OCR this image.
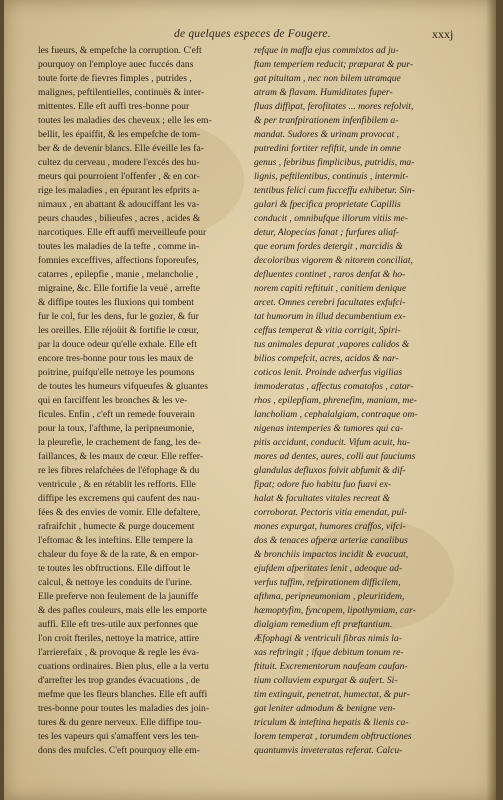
de quelques especes de Fougere.	xxxj
les fueurs, & empefche la corruption. C'eft
pourquoy on l'employe auec fuccés dans
toute forte de fievres fimples , putrides ,
malignes, peftilentielles, continuës & inter-
mittentes. Elle eft auffi tres-bonne pour
toutes les maladies des cheveux ; elle les em-
bellit, les épaiffit, & les empefche de tom-
ber & de devenir blancs. Elle éveille les fa-
cultez du cerveau , modere l'excés des hu-
meurs qui pourroient l'offenfer , & en cor-
rige les maladies , en épurant les efprits a-
nimaux , en abattant & adouciffant les va-
peurs chaudes , bilieufes , acres , acides &
narcotiques. Elle eft auffi merveilleufe pour
toutes les maladies de la tefte , comme in-
fomnies exceffives, affections foporeufes,
catarres , epilepfie , manie , melancholie ,
migraine, &c. Elle fortifie la veuë , arrefte
& diffipe toutes les fluxions qui tombent
fur le col, fur les dens, fur le gozier, & fur
les oreilles. Elle réjoüit & fortifie le cœur,
par la douce odeur qu'elle exhale. Elle eft
encore tres-bonne pour tous les maux de
poitrine, puifqu'elle nettoye les poumons
de toutes les humeurs vifqueufes & gluantes
qui en farciffent les bronches & les ve-
ficules. Enfin , c'eft un remede fouverain
pour la toux, l'afthme, la peripneumonie,
la pleurefie, le crachement de fang, les de-
faillances, & les maux de cœur. Elle reffer-
re les fibres relafchées de l'éfophage & du
ventricule , & en rétablit les refforts. Elle
diffipe les excremens qui caufent des nau-
fées & des envies de vomir. Elle defaltere,
rafraifchit , humecte & purge doucement
l'eftomac & les inteftins. Elle tempere la
chaleur du foye & de la rate, & en empor-
te toutes les obftructions. Elle diffout le
calcul, & nettoye les conduits de l'urine.
Elle preferve non feulement de la jauniffe
& des pafles couleurs, mais elle les emporte
auffi. Elle eft tres-utile aux perfonnes que
l'on croit fteriles, nettoye la matrice, attire
l'arrierefaix , & provoque & regle les éva-
cuations ordinaires. Bien plus, elle a la vertu
d'arrefter les trop grandes évacuations , de
mefme que les fleurs blanches. Elle eft auffi
tres-bonne pour toutes les maladies des join-
tures & du genre nerveux. Elle diffipe tou-
tes les vapeurs qui s'amaffent vers les ten-
dons des mufcles. C'eft pourquoy elle em-
refque in maffa ejus commixtos ad ju-
ftam temperiem reducit; præparat & pur-
gat pituitam , nec non bilem utramque
atram & flavam. Humiditates fuper-
fluas diffipat, ferofitates ... mores refolvit,
& per tranfpirationem infenfibilem a-
mandat. Sudores & urinam provocat ,
putredini fortiter refiftit, unde in omne
genus , febribus fimplicibus, putridis, ma-
lignis, peftilentibus, continuis , intermit-
tentibus felici cum fucceffu exhibetur. Sin-
gulari & fpecifica proprietate Capillis
conducit , omnibufque illorum vitiis me-
detur, Alopecias fanat ; furfures aliaf-
que eorum fordes detergit , marcidis &
decoloribus vigorem & nitorem conciliat,
defluentes continet , raros denfat & ho-
norem capiti reftituit , canitiem denique
arcet. Omnes cerebri facultates exfufci-
tat humorum in illud decumbentium ex-
ceffus temperat & vitia corrigit, Spiri-
tus animales depurat ,vapores calidos &
bilios compefcit, acres, acidos & nar-
coticos lenit. Proinde adverfus vigilias
immoderatas , affectus comatofos , catar-
rhos , epilepfiam, phrenefim, maniam, me-
lancholiam , cephalalgiam, contraque om-
nigenas intemperies & tumores qui ca-
pitis accidunt, conducit. Vifum acuit, hu-
mores ad dentes, aures, colli aut fauciums
glandulas defluxos folvit abfumit & dif-
fipat; odore fuo habitu fuo fuavi ex-
halat & facultates vitales recreat &
corroborat. Pectoris vitia emendat, pul-
mones expurgat, humores craffos, vifci-
dos & tenaces afperæ arteriæ canalibus
& bronchiis impactos incidit & evacuat,
ejufdem afperitates lenit , adeoque ad-
verfus tuffim, refpirationem difficilem,
afthma, peripneumoniam , pleuritidem,
hæmoptyfim, fyncopem, lipothymiam, car-
dialgiam remedium eft præftantium.
Æfophagi & ventriculi fibras nimis la-
xas reftringit ; ifque debitum tonum re-
ftituit. Excrementorum naufeam caufan-
tium colluviem expurgat & aufert. Si-
tim extinguit, penetrat, humectat, & pur-
gat leniter admodum & benigne ven-
triculum & inteftina hepatis & lienis ca-
lorem temperat , torumdem obftructiones
quantumvis inveteratas referat. Calcu-
